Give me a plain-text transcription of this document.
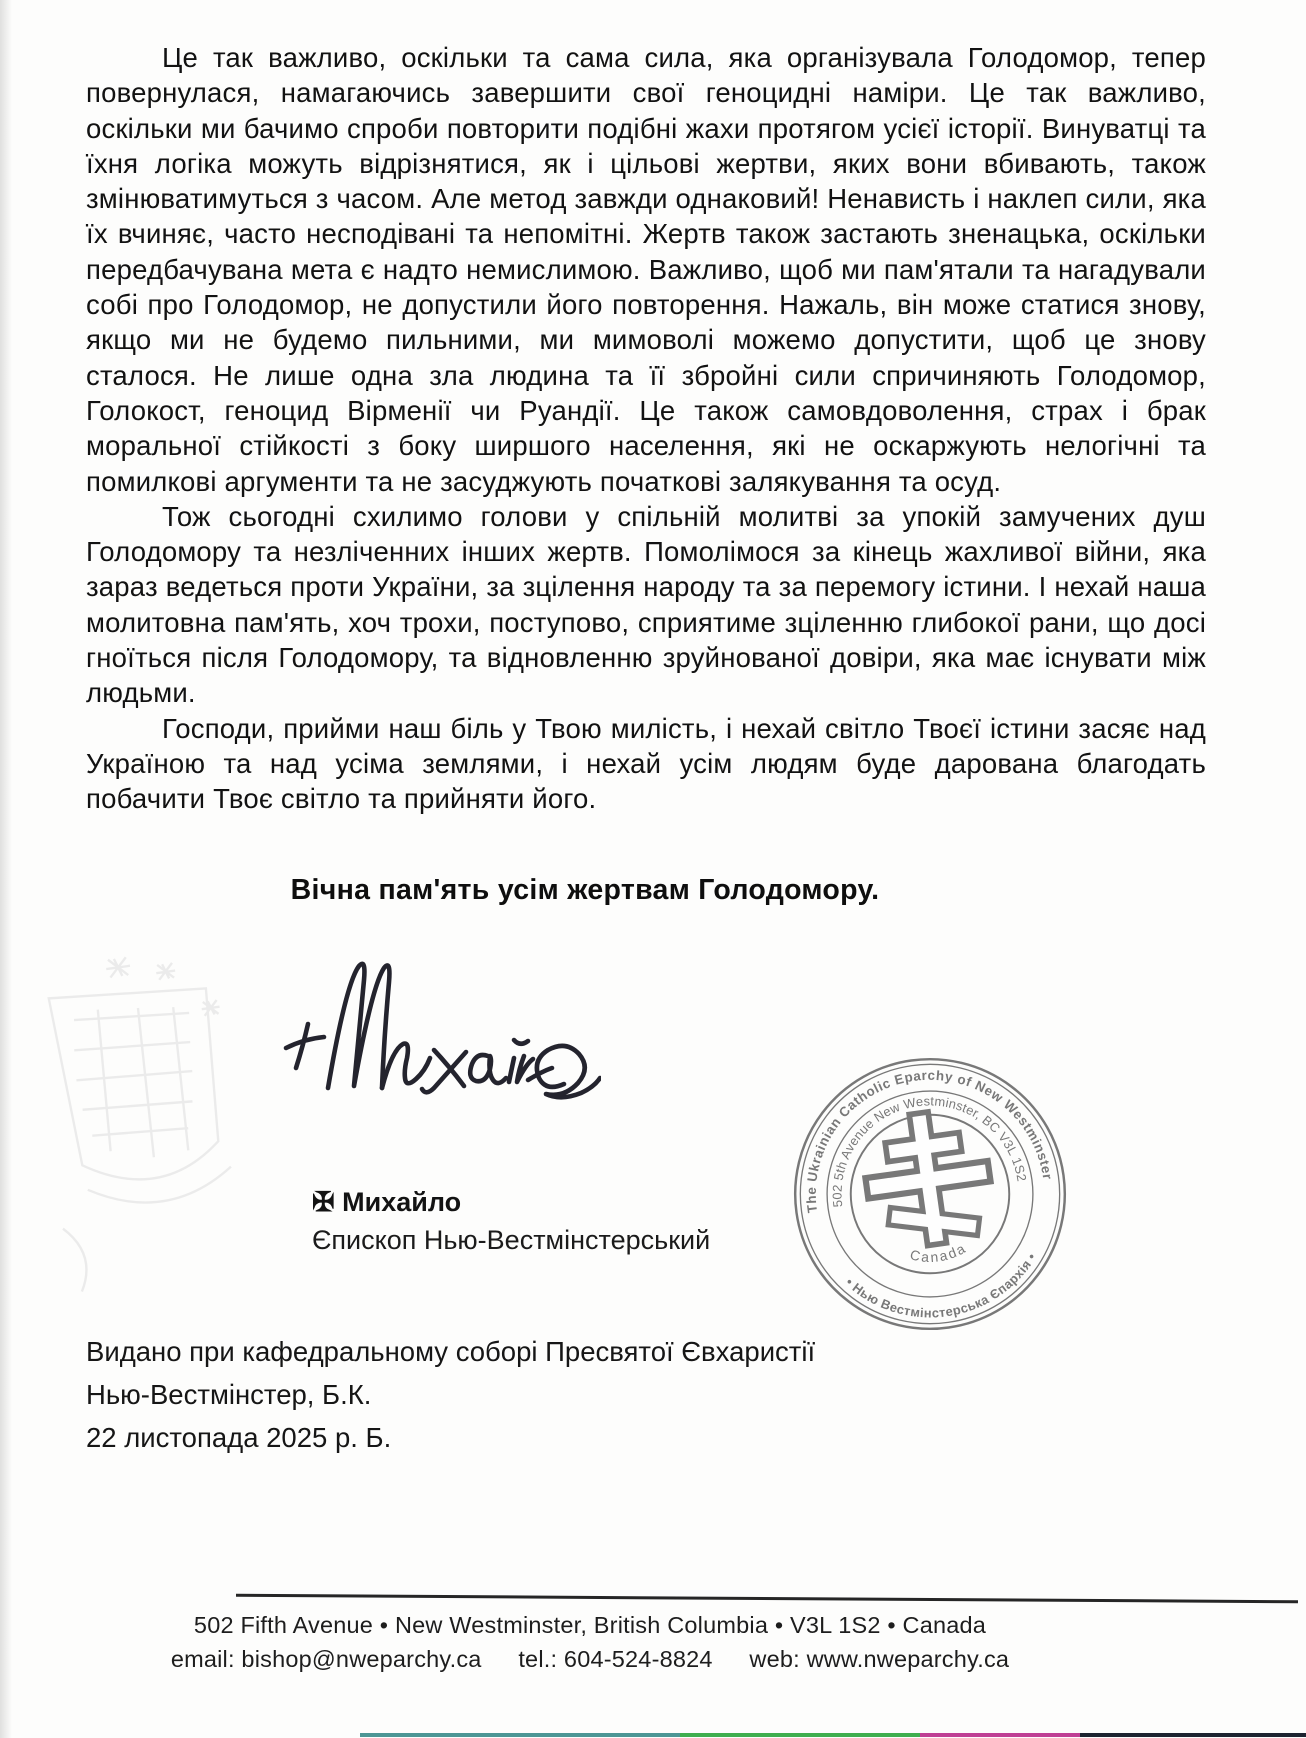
Це так важливо, оскільки та сама сила, яка організувала Голодомор, тепер повернулася, намагаючись завершити свої геноцидні наміри. Це так важливо, оскільки ми бачимо спроби повторити подібні жахи протягом усієї історії. Винуватці та їхня логіка можуть відрізнятися, як і цільові жертви, яких вони вбивають, також змінюватимуться з часом. Але метод завжди однаковий! Ненависть і наклеп сили, яка їх вчиняє, часто несподівані та непомітні. Жертв також застають зненацька, оскільки передбачувана мета є надто немислимою. Важливо, щоб ми пам'ятали та нагадували собі про Голодомор, не допустили його повторення. Нажаль, він може статися знову, якщо ми не будемо пильними, ми мимоволі можемо допустити, щоб це знову сталося. Не лише одна зла людина та її збройні сили спричиняють Голодомор, Голокост, геноцид Вірменії чи Руандії. Це також самовдоволення, страх і брак моральної стійкості з боку ширшого населення, які не оскаржують нелогічні та помилкові аргументи та не засуджують початкові залякування та осуд.

Тож сьогодні схилимо голови у спільній молитві за упокій замучених душ Голодомору та незліченних інших жертв. Помолімося за кінець жахливої війни, яка зараз ведеться проти України, за зцілення народу та за перемогу істини. І нехай наша молитовна пам'ять, хоч трохи, поступово, сприятиме зціленню глибокої рани, що досі гноїться після Голодомору, та відновленню зруйнованої довіри, яка має існувати між людьми.

Господи, прийми наш біль у Твою милість, і нехай світло Твоєї істини засяє над Україною та над усіма землями, і нехай усім людям буде дарована благодать побачити Твоє світло та прийняти його.

Вічна пам'ять усім жертвам Голодомору.
✠ Михайло
Єпископ Нью-Вестмінстерський
Видано при кафедральному соборі Пресвятої Євхаристії
Нью-Вестмінстер, Б.К.
22 листопада 2025 р. Б.
The Ukrainian Catholic Eparchy of New Westminster
• Нью Вестмінстерська Єпархія •
502 5th Avenue New Westminster, BC V3L 1S2
Canada
502 Fifth Avenue • New Westminster, British Columbia • V3L 1S2 • Canada
email: bishop@nweparchy.ca tel.: 604-524-8824 web: www.nweparchy.ca
